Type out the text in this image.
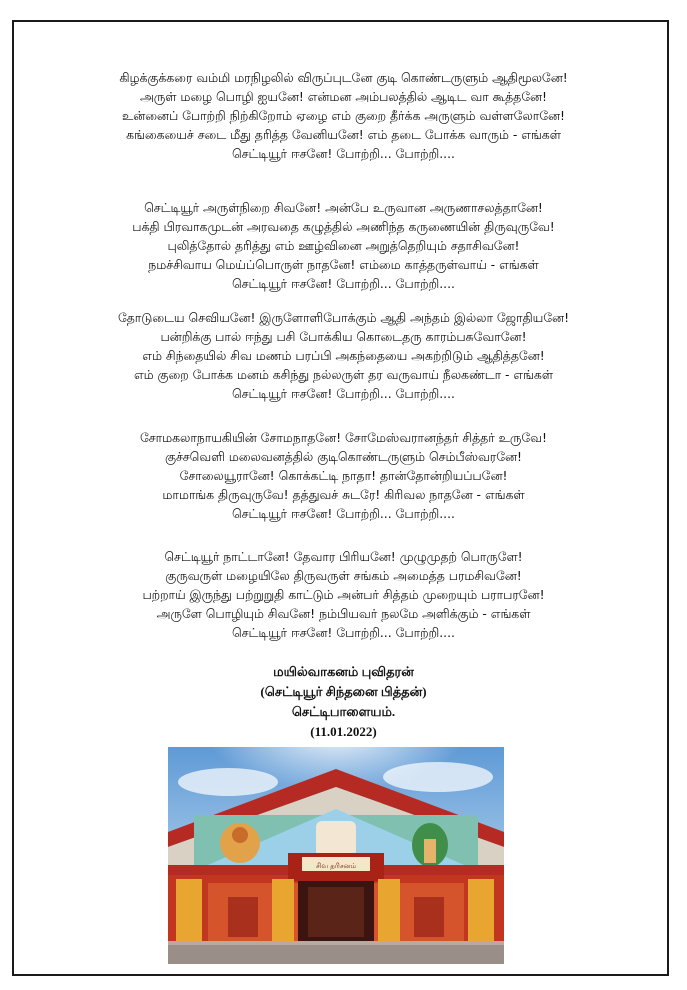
கிழக்குக்கரை வம்மி மரநிழலில் விருப்புடனே குடி கொண்டருளும் ஆதிமூலனே!
அருள் மழை பொழி ஐயனே! என்மன அம்பலத்தில் ஆடிட வா கூத்தனே!
உன்னைப் போற்றி நிற்கிறோம் ஏழை எம் குறை தீர்க்க அருளும் வள்ளலோனே!
கங்கையைச் சடை மீது தரித்த வேனியனே! எம் தடை போக்க வாரும் - எங்கள்
செட்டியூர் ஈசனே! போற்றி... போற்றி....
செட்டியூர் அருள்நிறை சிவனே! அன்பே உருவான அருணாசலத்தானே!
பக்தி பிரவாகமுடன் அரவதை கழுத்தில் அணிந்த கருணையின் திருவுருவே!
புலித்தோல் தரித்து எம் ஊழ்வினை அறுத்தெறியும் சதாசிவனே!
நமச்சிவாய மெய்ப்பொருள் நாதனே! எம்மை காத்தருள்வாய் - எங்கள்
செட்டியூர் ஈசனே! போற்றி... போற்றி....
தோடுடைய செவியனே! இருளோளிபோக்கும் ஆதி அந்தம் இல்லா ஜோதியனே!
பன்றிக்கு பால் ஈந்து பசி போக்கிய கொடைதரு காரம்பசுவோனே!
எம் சிந்தையில் சிவ மணம் பரப்பி அகந்தையை அகற்றிடும் ஆதித்தனே!
எம் குறை போக்க மனம் கசிந்து நல்லருள் தர வருவாய் நீலகண்டா - எங்கள்
செட்டியூர் ஈசனே! போற்றி... போற்றி....
சோமகலாநாயகியின் சோமநாதனே! சோமேஸ்வரானந்தர் சித்தர் உருவே!
குச்சவெளி மலைவனத்தில் குடிகொண்டருளும் செம்பீஸ்வரனே!
சோலையூரானே! கொக்கட்டி நாதா! தான்தோன்றியப்பனே!
மாமாங்க திருவுருவே! தத்துவச் சுடரே! கிரிவல நாதனே - எங்கள்
செட்டியூர் ஈசனே! போற்றி... போற்றி....
செட்டியூர் நாட்டானே! தேவார பிரியனே! முழுமுதற் பொருளே!
குருவருள் மழையிலே திருவருள் சங்கம் அமைத்த பரமசிவனே!
பற்றாய் இருந்து பற்றுறுதி காட்டும் அன்பர் சித்தம் முறையும் பராபரனே!
அருளே பொழியும் சிவனே! நம்பியவர் நலமே அளிக்கும் - எங்கள்
செட்டியூர் ஈசனே! போற்றி... போற்றி....
மயில்வாகனம் புவிதரன்
(செட்டியூர் சிந்தனை பித்தன்)
செட்டிபாளையம்.
(11.01.2022)
சிவ தரிசனம்
